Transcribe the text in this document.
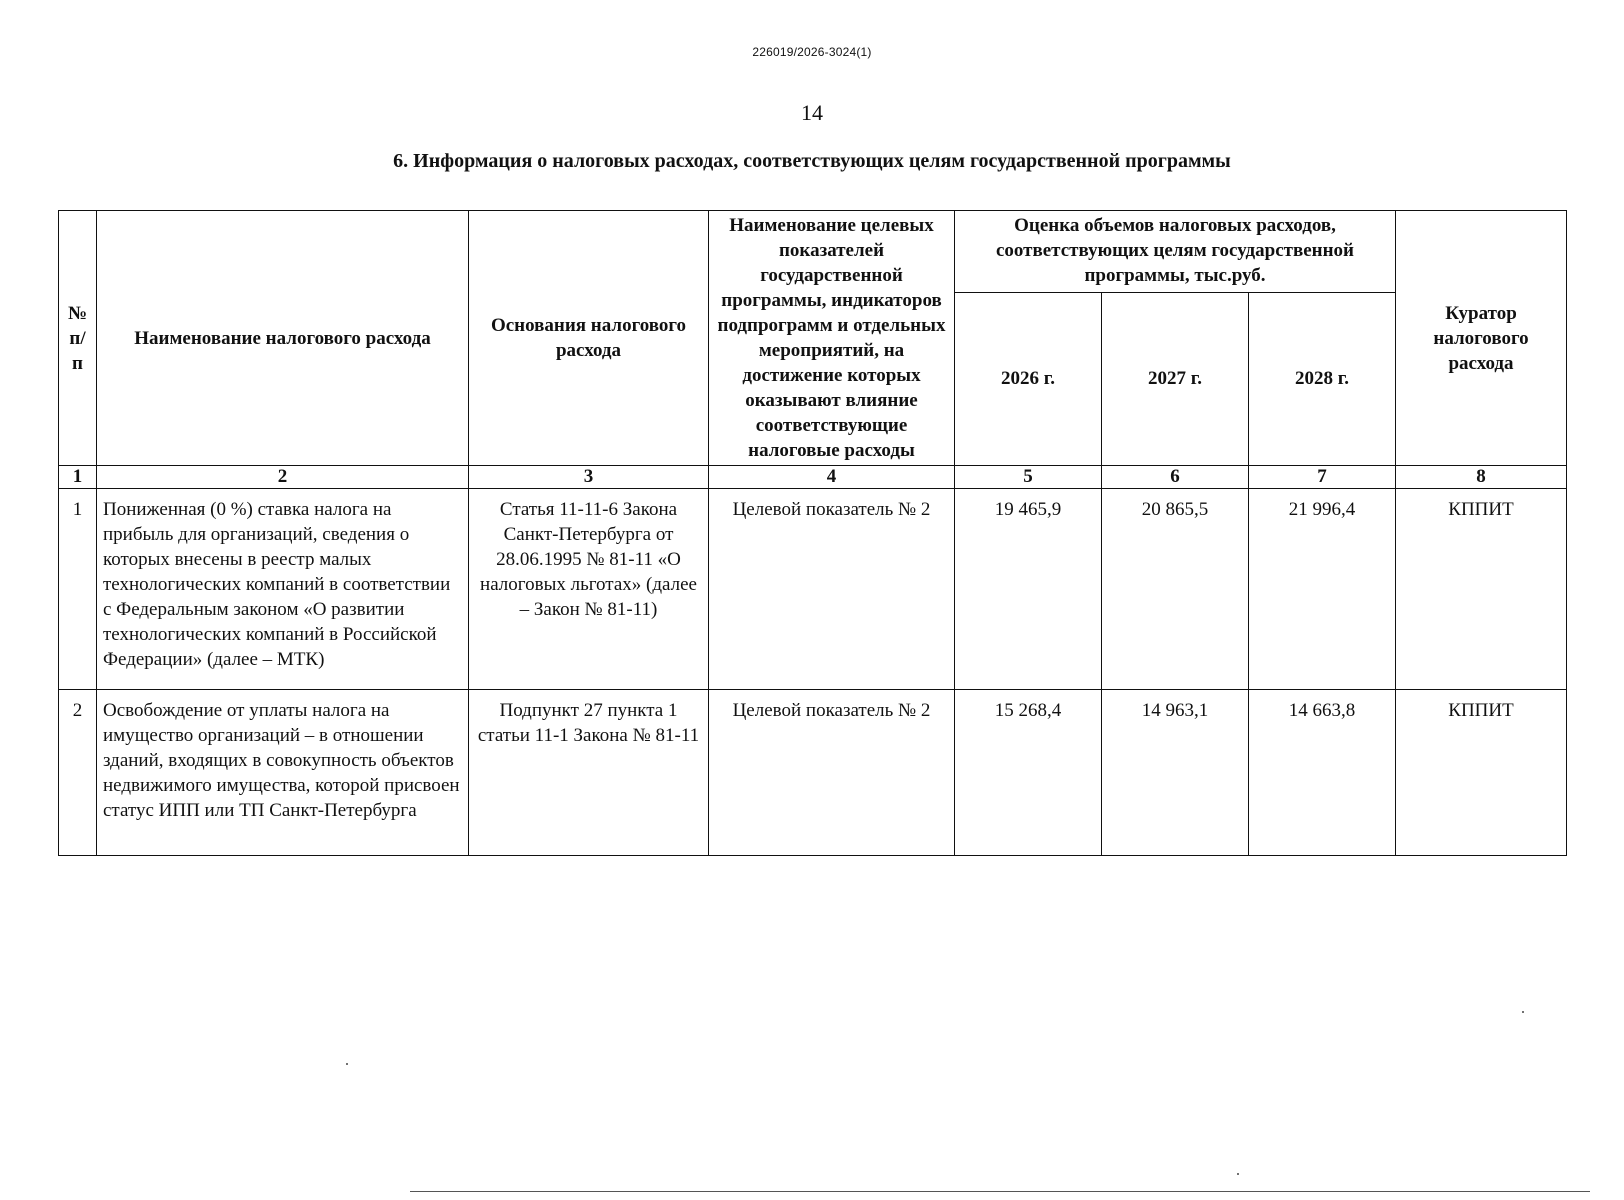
226019/2026-3024(1)
14
6. Информация о налоговых расходах, соответствующих целям государственной программы
№ п/п	Наименование налогового расхода	Основания налогового расхода	Наименование целевых показателей государственной программы, индикаторов подпрограмм и отдельных мероприятий, на достижение которых оказывают влияние соответствующие налоговые расходы	Оценка объемов налоговых расходов, соответствующих целям государственной программы, тыс.руб.			Куратор налогового расхода
				2026 г.	2027 г.	2028 г.	
1	2	3	4	5	6	7	8
1	Пониженная (0 %) ставка налога на прибыль для организаций, сведения о которых внесены в реестр малых технологических компаний в соответствии с Федеральным законом «О развитии технологических компаний в Российской Федерации» (далее – МТК)	Статья 11-11-6 Закона Санкт-Петербурга от 28.06.1995 № 81-11 «О налоговых льготах» (далее – Закон № 81-11)	Целевой показатель № 2	19 465,9	20 865,5	21 996,4	КППИТ
2	Освобождение от уплаты налога на имущество организаций – в отношении зданий, входящих в совокупность объектов недвижимого имущества, которой присвоен статус ИПП или ТП Санкт-Петербурга	Подпункт 27 пункта 1 статьи 11-1 Закона № 81-11	Целевой показатель № 2	15 268,4	14 963,1	14 663,8	КППИТ
